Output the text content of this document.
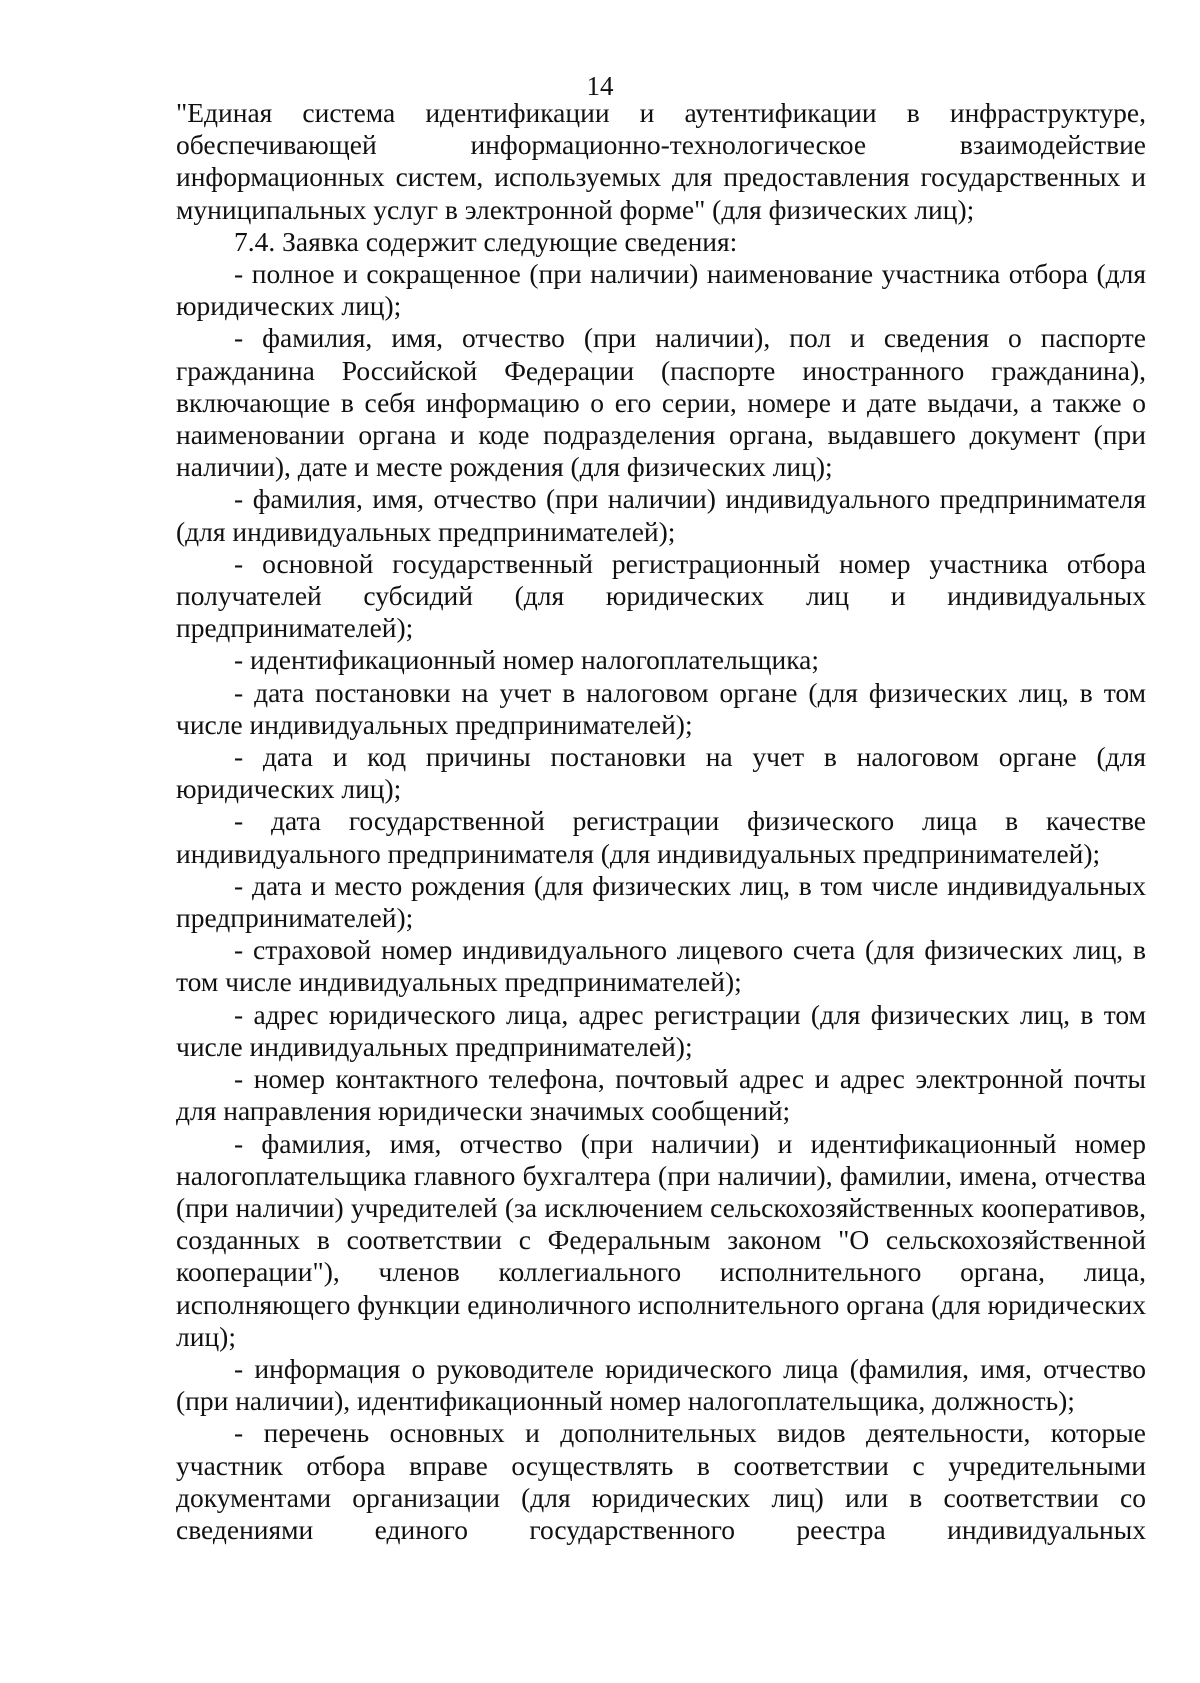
14

"Единая система идентификации и аутентификации в инфраструктуре, обеспечивающей информационно-технологическое взаимодействие информационных систем, используемых для предоставления государственных и муниципальных услуг в электронной форме" (для физических лиц);

7.4. Заявка содержит следующие сведения:

- полное и сокращенное (при наличии) наименование участника отбора (для юридических лиц);

- фамилия, имя, отчество (при наличии), пол и сведения о паспорте гражданина Российской Федерации (паспорте иностранного гражданина), включающие в себя информацию о его серии, номере и дате выдачи, а также о наименовании органа и коде подразделения органа, выдавшего документ (при наличии), дате и месте рождения (для физических лиц);

- фамилия, имя, отчество (при наличии) индивидуального предпринимателя (для индивидуальных предпринимателей);

- основной государственный регистрационный номер участника отбора получателей субсидий (для юридических лиц и индивидуальных предпринимателей);

- идентификационный номер налогоплательщика;

- дата постановки на учет в налоговом органе (для физических лиц, в том числе индивидуальных предпринимателей);

- дата и код причины постановки на учет в налоговом органе (для юридических лиц);

- дата государственной регистрации физического лица в качестве индивидуального предпринимателя (для индивидуальных предпринимателей);

- дата и место рождения (для физических лиц, в том числе индивидуальных предпринимателей);

- страховой номер индивидуального лицевого счета (для физических лиц, в том числе индивидуальных предпринимателей);

- адрес юридического лица, адрес регистрации (для физических лиц, в том числе индивидуальных предпринимателей);

- номер контактного телефона, почтовый адрес и адрес электронной почты для направления юридически значимых сообщений;

- фамилия, имя, отчество (при наличии) и идентификационный номер налогоплательщика главного бухгалтера (при наличии), фамилии, имена, отчества (при наличии) учредителей (за исключением сельскохозяйственных кооперативов, созданных в соответствии с Федеральным законом "О сельскохозяйственной кооперации"), членов коллегиального исполнительного органа, лица, исполняющего функции единоличного исполнительного органа (для юридических лиц);

- информация о руководителе юридического лица (фамилия, имя, отчество (при наличии), идентификационный номер налогоплательщика, должность);

- перечень основных и дополнительных видов деятельности, которые участник отбора вправе осуществлять в соответствии с учредительными документами организации (для юридических лиц) или в соответствии со сведениями единого государственного реестра индивидуальных
